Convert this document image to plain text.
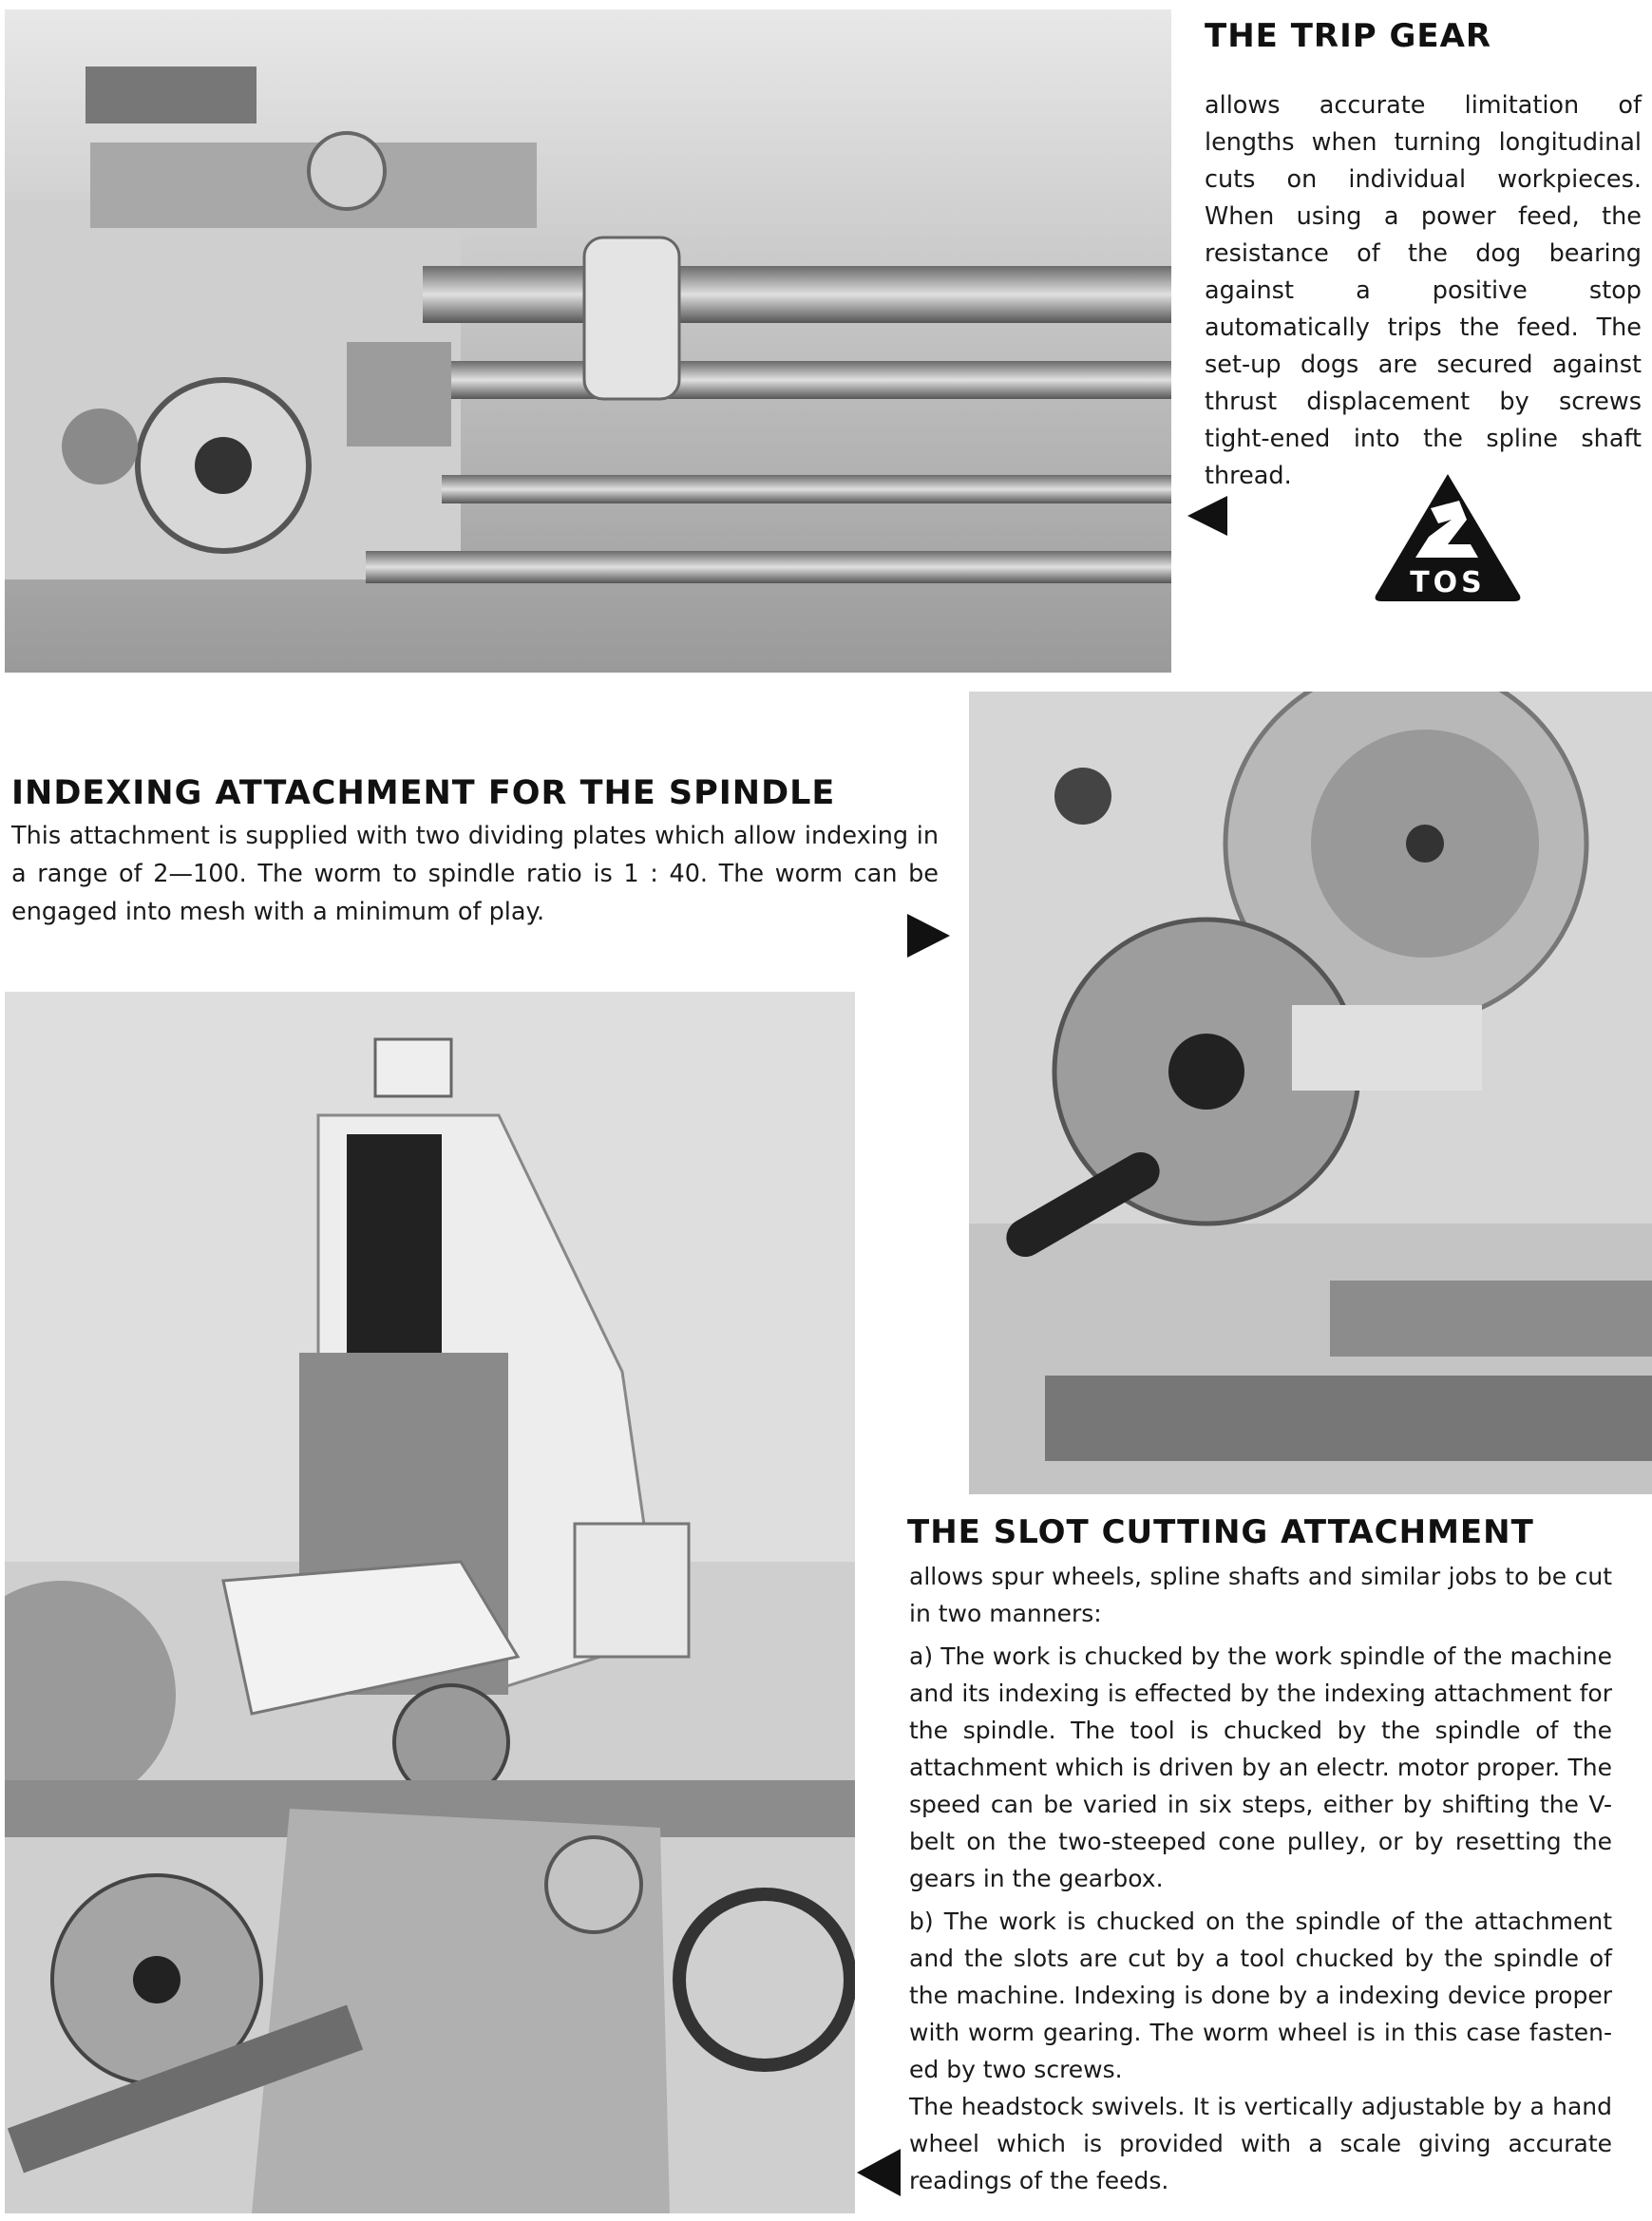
THE TRIP GEAR
allows accurate limitation of lengths when turning longitudinal cuts on individual workpieces. When using a power feed, the resistance of the dog bearing against a positive stop automatically trips the feed. The set-up dogs are secured against thrust displacement by screws tight-ened into the spline shaft thread.
TOS
INDEXING ATTACHMENT FOR THE SPINDLE
This attachment is supplied with two dividing plates which allow indexing in a range of 2—100. The worm to spindle ratio is 1 : 40. The worm can be engaged into mesh with a minimum of play.
THE SLOT CUTTING ATTACHMENT

allows spur wheels, spline shafts and similar jobs to be cut in two manners:

a) The work is chucked by the work spindle of the machine and its indexing is effected by the indexing attachment for the spindle. The tool is chucked by the spindle of the attachment which is driven by an electr. motor proper. The speed can be varied in six steps, either by shifting the V-belt on the two-steeped cone pulley, or by resetting the gears in the gearbox.

b) The work is chucked on the spindle of the attachment and the slots are cut by a tool chucked by the spindle of the machine. Indexing is done by a indexing device proper with worm gearing. The worm wheel is in this case fasten-ed by two screws.

The headstock swivels. It is vertically adjustable by a hand wheel which is provided with a scale giving accurate readings of the feeds.
